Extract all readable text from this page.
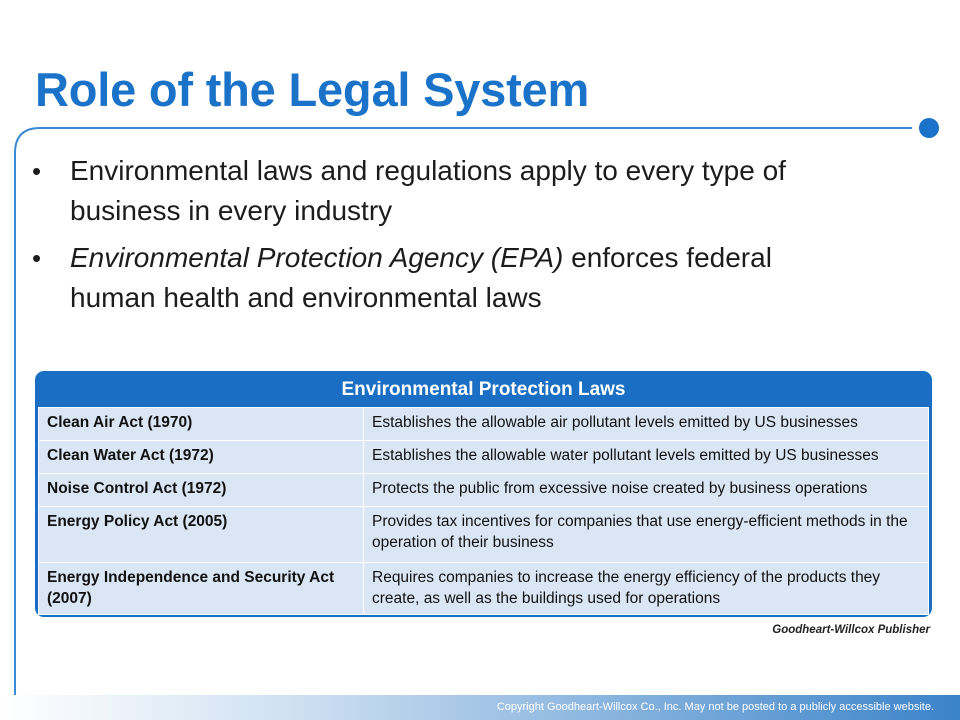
Role of the Legal System
• Environmental laws and regulations apply to every type of business in every industry
• Environmental Protection Agency (EPA) enforces federal human health and environmental laws
Environmental Protection Laws
Clean Air Act (1970)	Establishes the allowable air pollutant levels emitted by US businesses
Clean Water Act (1972)	Establishes the allowable water pollutant levels emitted by US businesses
Noise Control Act (1972)	Protects the public from excessive noise created by business operations
Energy Policy Act (2005)	Provides tax incentives for companies that use energy-efficient methods in the operation of their business
Energy Independence and Security Act (2007)	Requires companies to increase the energy efficiency of the products they create, as well as the buildings used for operations
Goodheart-Willcox Publisher
Copyright Goodheart-Willcox Co., Inc. May not be posted to a publicly accessible website.
